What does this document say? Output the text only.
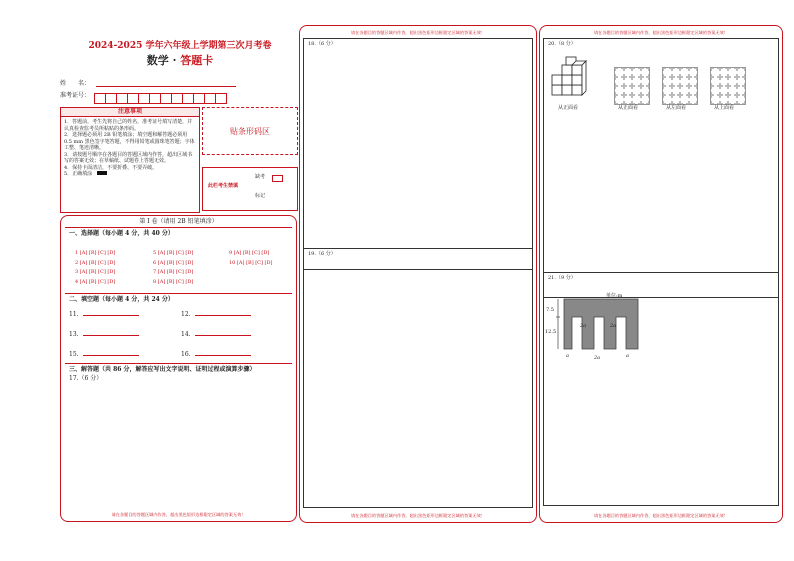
2024-2025 学年六年级上学期第三次月考卷
数学 · 答题卡
姓　　名：
准考证号：
注意事项
1．答题前，考生先将自己的姓名，准考证号填写清楚，并认真检查监考员所粘贴的条形码。
2．选择题必须用 2B 铅笔填涂；填空题和解答题必须用 0.5 mm 黑色签字笔答题，不得用铅笔或圆珠笔答题；字体工整、笔迹清晰。
3．请按题号顺序在各题目的答题区域内作答，超出区域书写的答案无效；在草稿纸、试题卷上答题无效。
4．保持卡面清洁，不要折叠、不要弄破。
5．正确填涂
贴条形码区
此栏考生禁填
缺考
标记
第 Ⅰ 卷（请用 2B 铅笔填涂）
一、选择题（每小题 4 分，共 40 分）
1 [A] [B] [C] [D]
2 [A] [B] [C] [D]
3 [A] [B] [C] [D]
4 [A] [B] [C] [D]
5 [A] [B] [C] [D]
6 [A] [B] [C] [D]
7 [A] [B] [C] [D]
8 [A] [B] [C] [D]
9 [A] [B] [C] [D]
10 [A] [B] [C] [D]
二、填空题（每小题 4 分，共 24 分）
11.	12.
13.	14.
15.	16.
三、解答题（共 86 分，解答应写出文字说明、证明过程或演算步骤）
17.（6 分）
请在各题目的答题区域内作答，超出黑色矩形边框限定区域的答案无效！
请在各题目的答题区域内作答，超出黑色矩形边框限定区域的答案无效！
18.（6 分）
19.（6 分）
请在各题目的答题区域内作答，超出黑色矩形边框限定区域的答案无效！
请在各题目的答题区域内作答，超出黑色矩形边框限定区域的答案无效！
20.（8 分）
从正面看	从正面看	从左面看	从上面看
21.（9 分）
单位:m
7.5
12.5
2a	2a
a	2a	a
请在各题目的答题区域内作答，超出黑色矩形边框限定区域的答案无效！
